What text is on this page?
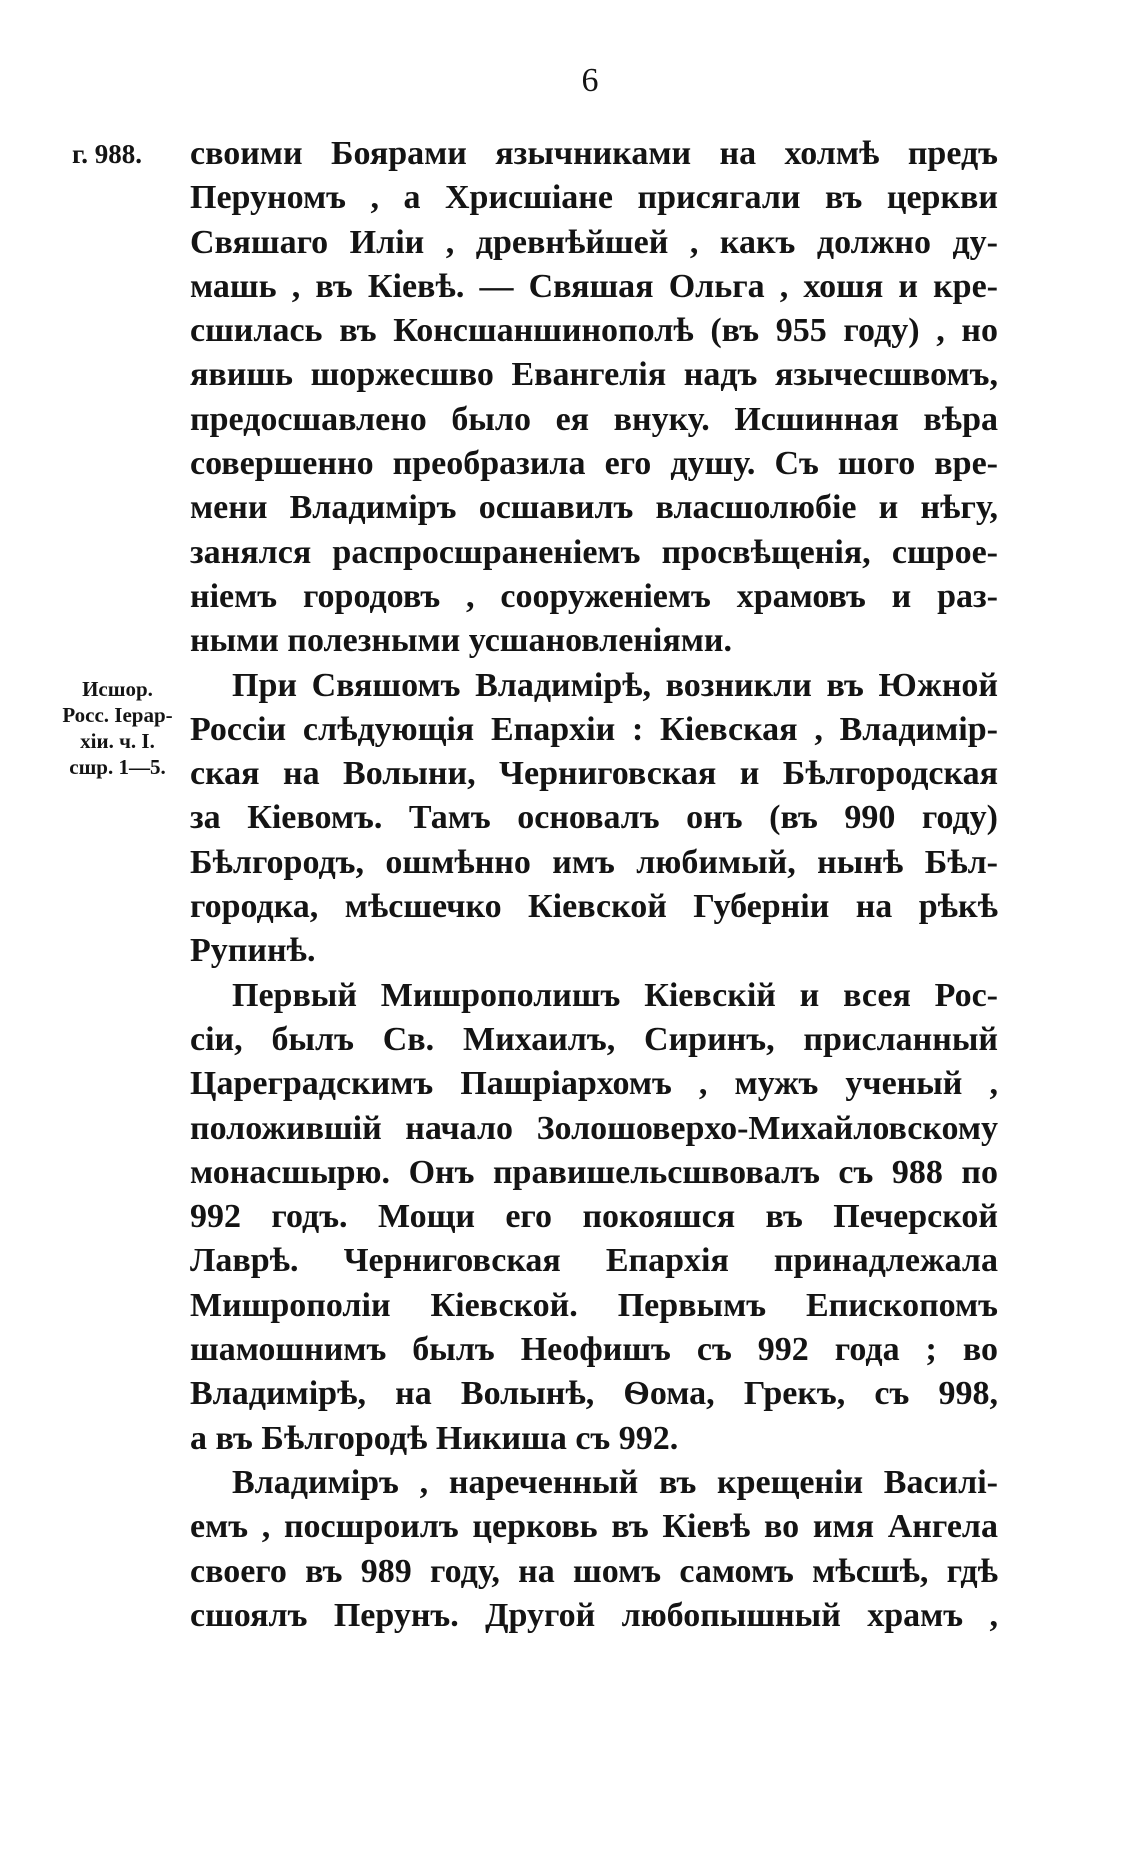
6
г. 988.
Исшор.
Росс. Іерар-
хіи. ч. I.
сшр. 1—5.
своими Боярами язычниками на холмѣ предъ
Перуномъ , а Хрисшіане присягали въ церкви
Свяшаго Иліи , древнѣйшей , какъ должно ду-
машь , въ Кіевѣ. — Свяшая Ольга , хошя и кре-
сшилась въ Консшаншинополѣ (въ 955 году) , но
явишь шоржесшво Евангелія надъ язычесшвомъ,
предосшавлено было ея внуку. Исшинная вѣра
совершенно преобразила его душу. Съ шого вре-
мени Владиміръ осшавилъ власшолюбіе и нѣгу,
занялся распросшраненіемъ просвѣщенія, сшрое-
ніемъ городовъ , сооруженіемъ храмовъ и раз-
ными полезными усшановленіями.
При Свяшомъ Владимірѣ, возникли въ Южной
Россіи слѣдующія Епархіи : Кіевская , Владимір-
ская на Волыни, Черниговская и Бѣлгородская
за Кіевомъ. Тамъ основалъ онъ (въ 990 году)
Бѣлгородъ, ошмѣнно имъ любимый, нынѣ Бѣл-
городка, мѣсшечко Кіевской Губерніи на рѣкѣ
Рупинѣ.
Первый Мишрополишъ Кіевскій и всея Рос-
сіи, былъ Св. Михаилъ, Сиринъ, присланный
Цареградскимъ Пашріархомъ , мужъ ученый ,
положившій начало Золошоверхо-Михайловскому
монасшырю. Онъ правишельсшвовалъ съ 988 по
992 годъ. Мощи его покояшся въ Печерской
Лаврѣ. Черниговская Епархія принадлежала
Мишрополіи Кіевской. Первымъ Епископомъ
шамошнимъ былъ Неофишъ съ 992 года ; во
Владимірѣ, на Волынѣ, Ѳома, Грекъ, съ 998,
а въ Бѣлгородѣ Никиша съ 992.
Владиміръ , нареченный въ крещеніи Василі-
емъ , посшроилъ церковь въ Кіевѣ во имя Ангела
своего въ 989 году, на шомъ самомъ мѣсшѣ, гдѣ
сшоялъ Перунъ. Другой любопышный храмъ ,
